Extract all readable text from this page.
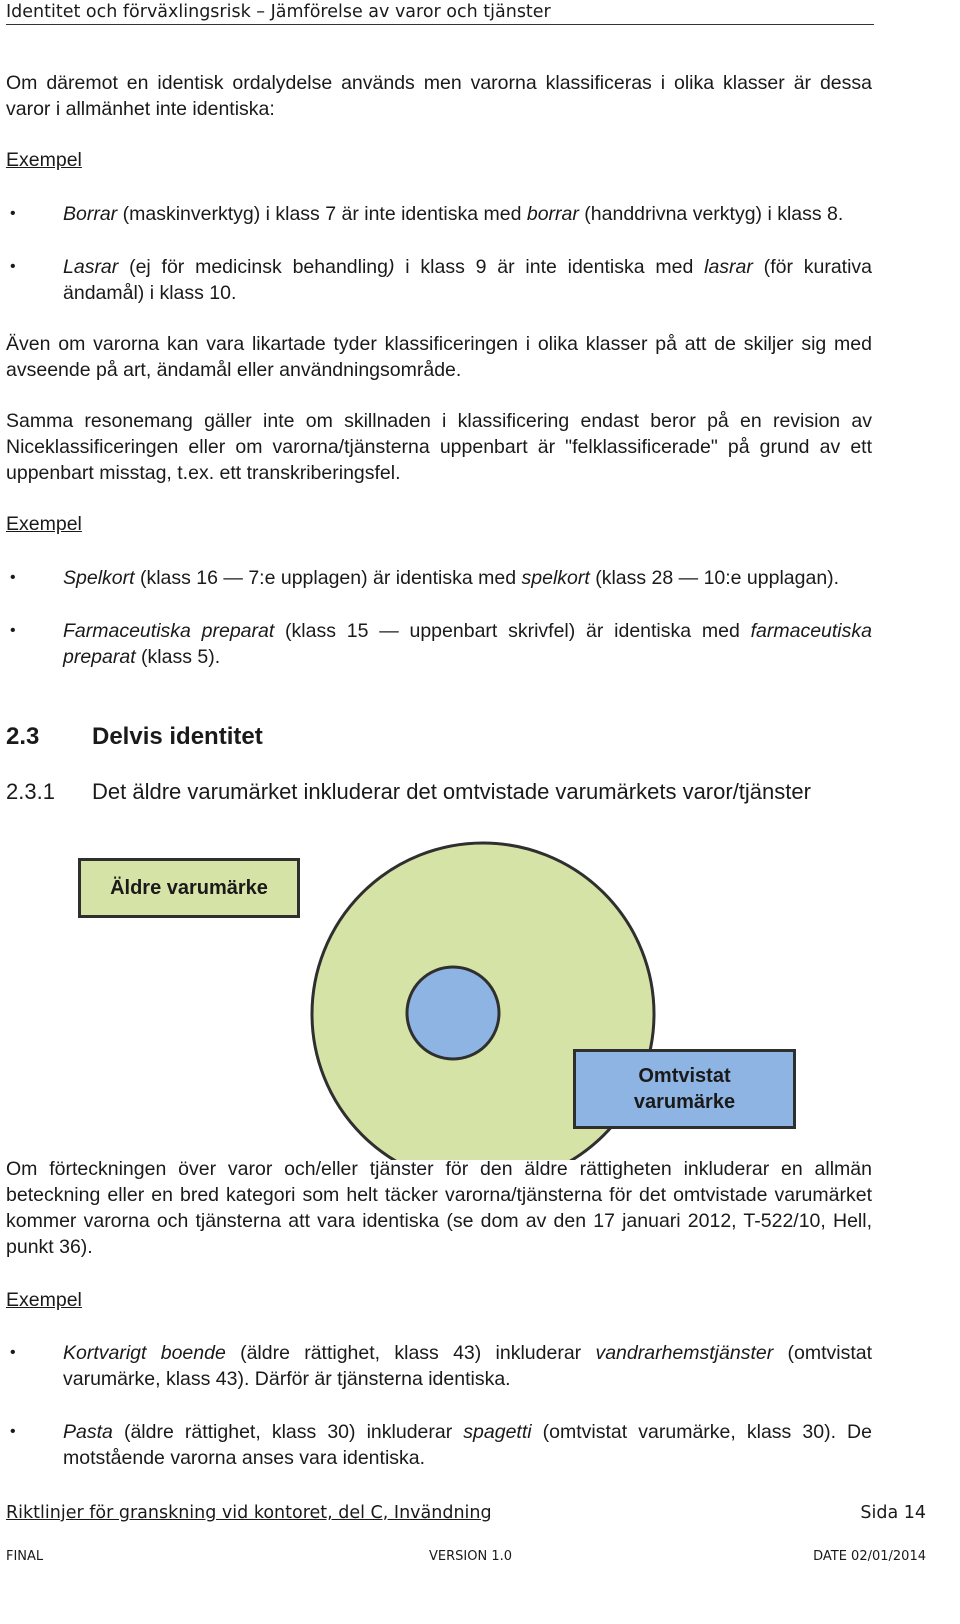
Identitet och förväxlingsrisk – Jämförelse av varor och tjänster

Om däremot en identisk ordalydelse används men varorna klassificeras i olika klasser är dessa varor i allmänhet inte identiska:

Exempel
•	Borrar (maskinverktyg) i klass 7 är inte identiska med borrar (handdrivna verktyg) i klass 8.
•	Lasrar (ej för medicinsk behandling) i klass 9 är inte identiska med lasrar (för kurativa ändamål) i klass 10.

Även om varorna kan vara likartade tyder klassificeringen i olika klasser på att de skiljer sig med avseende på art, ändamål eller användningsområde.

Samma resonemang gäller inte om skillnaden i klassificering endast beror på en revision av Niceklassificeringen eller om varorna/tjänsterna uppenbart är "felklassificerade" på grund av ett uppenbart misstag, t.ex. ett transkriberingsfel.

Exempel
•	Spelkort (klass 16 ― 7:e upplagen) är identiska med spelkort (klass 28 ― 10:e upplagan).
•	Farmaceutiska preparat (klass 15 ― uppenbart skrivfel) är identiska med farmaceutiska preparat (klass 5).
2.3 Delvis identitet
2.3.1 Det äldre varumärket inkluderar det omtvistade varumärkets varor/tjänster
Äldre varumärke
Omtvistat
varumärke

Om förteckningen över varor och/eller tjänster för den äldre rättigheten inkluderar en allmän beteckning eller en bred kategori som helt täcker varorna/tjänsterna för det omtvistade varumärket kommer varorna och tjänsterna att vara identiska (se dom av den 17 januari 2012, T-522/10, Hell, punkt 36).

Exempel
•	Kortvarigt boende (äldre rättighet, klass 43) inkluderar vandrarhemstjänster (omtvistat varumärke, klass 43). Därför är tjänsterna identiska.
•	Pasta (äldre rättighet, klass 30) inkluderar spagetti (omtvistat varumärke, klass 30). De motstående varorna anses vara identiska.
Riktlinjer för granskning vid kontoret, del C, Invändning	Sida 14
FINAL	VERSION 1.0	DATE 02/01/2014
